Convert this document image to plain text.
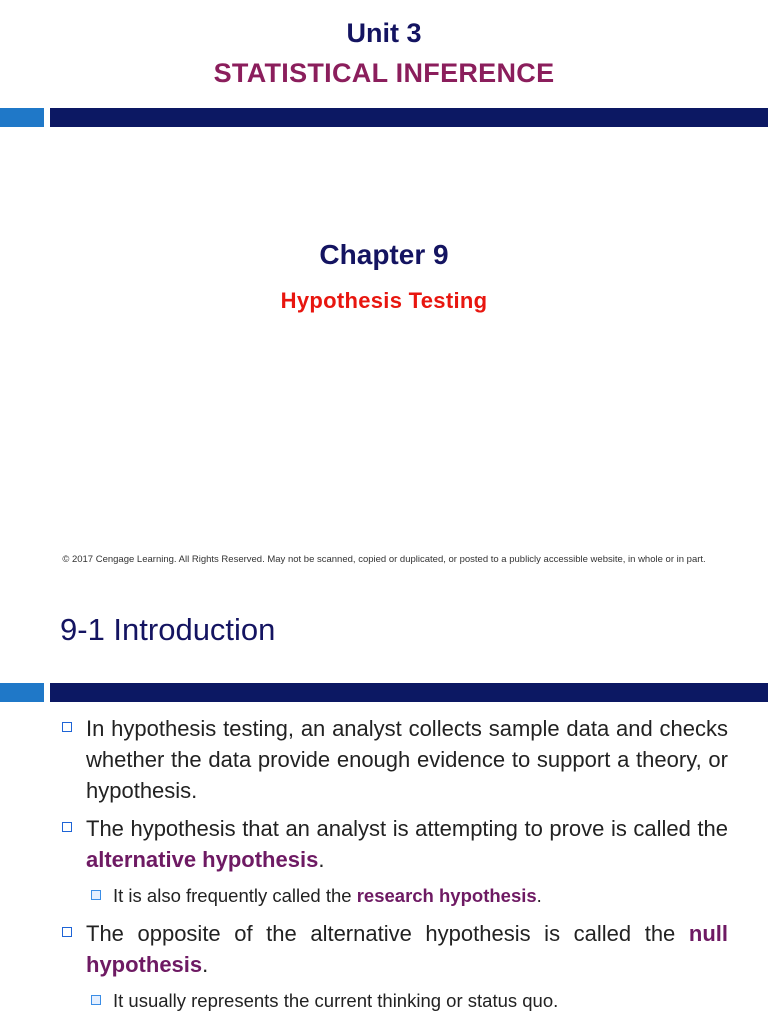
Unit 3
STATISTICAL INFERENCE
Chapter 9
Hypothesis Testing

© 2017 Cengage Learning. All Rights Reserved. May not be scanned, copied or duplicated, or posted to a publicly accessible website, in whole or in part.

9-1 Introduction

In hypothesis testing, an analyst collects sample data and checks whether the data provide enough evidence to support a theory, or hypothesis.

The hypothesis that an analyst is attempting to prove is called the alternative hypothesis.

It is also frequently called the research hypothesis.

The opposite of the alternative hypothesis is called the null hypothesis.

It usually represents the current thinking or status quo.
